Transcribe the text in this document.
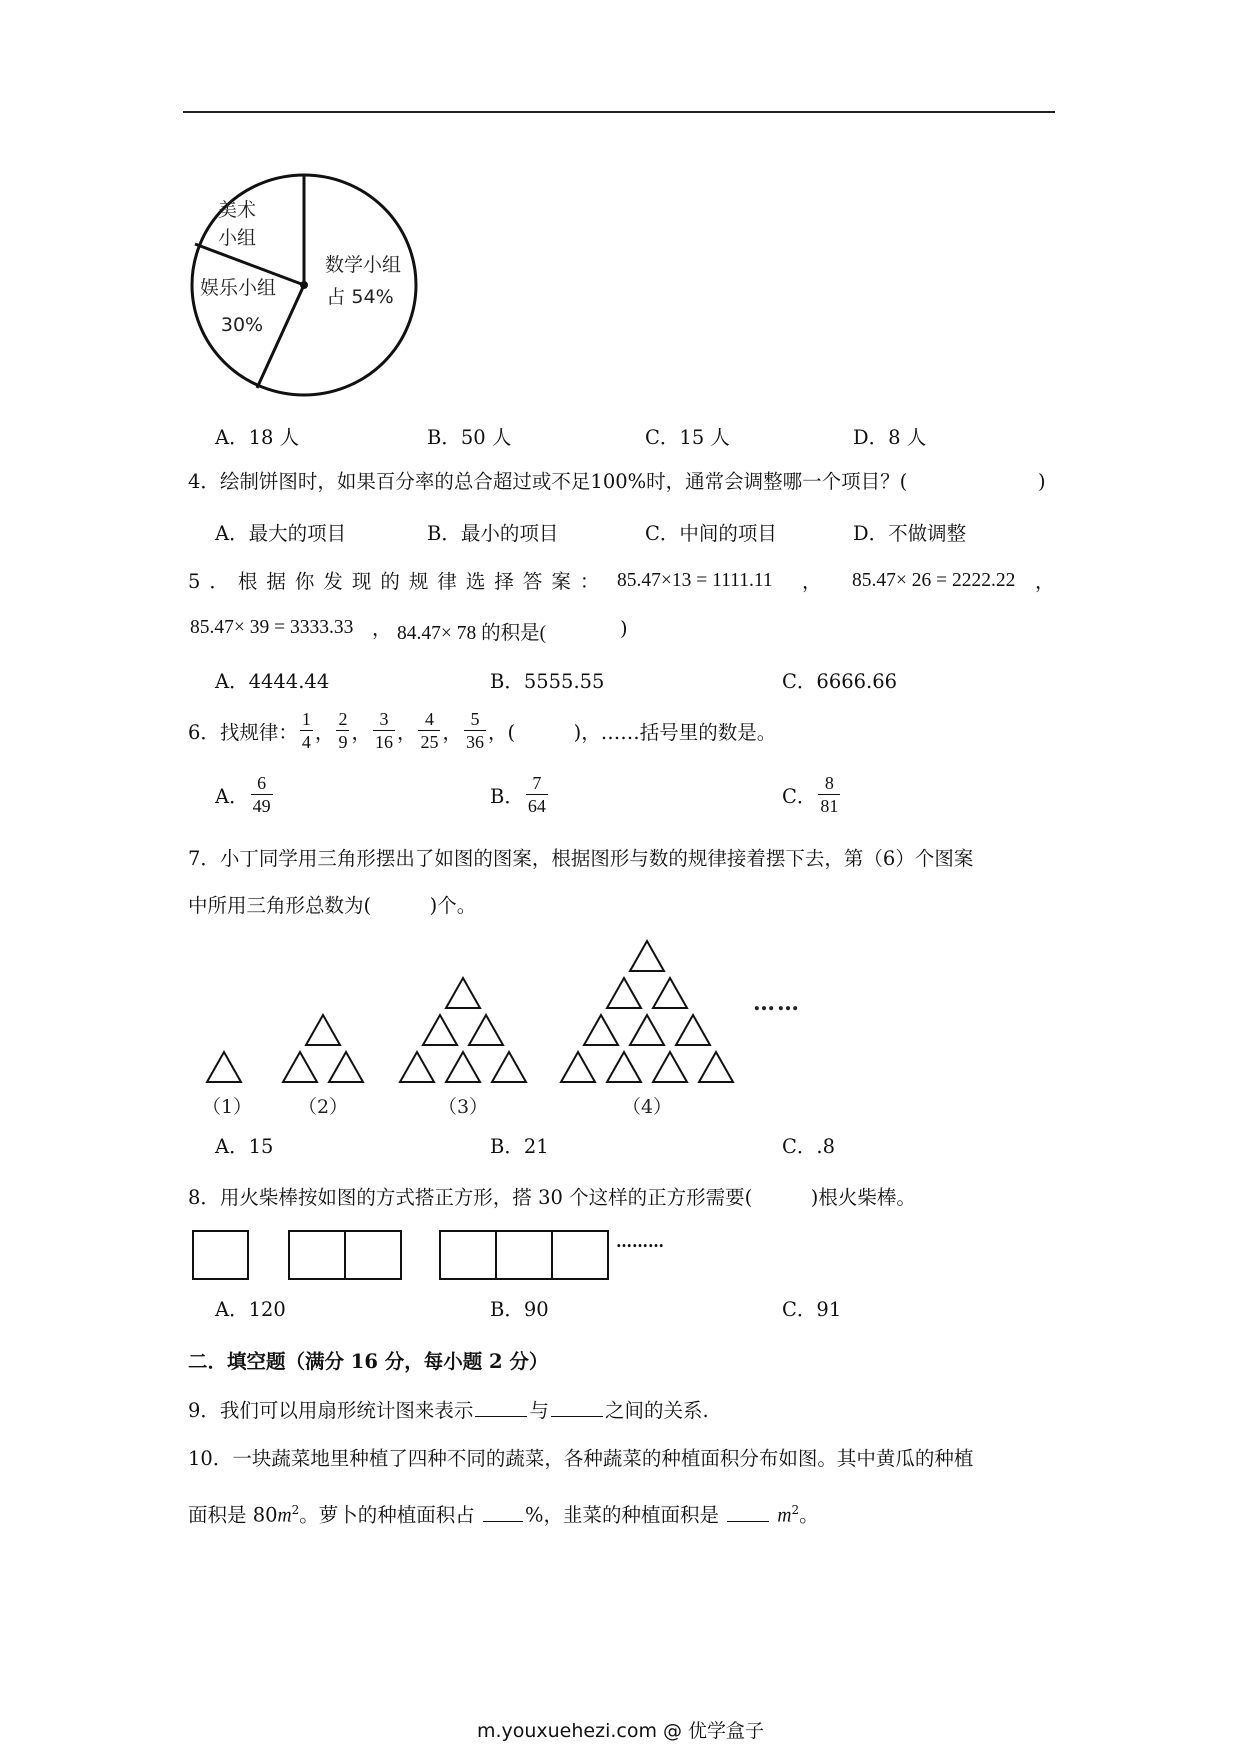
美术
小组
数学小组
占 54%
娱乐小组
30%
A．18 人	B．50 人	C．15 人	D．8 人
4．绘制饼图时，如果百分率的总合超过或不足100%时，通常会调整哪一个项目？(	)
A．最大的项目	B．最小的项目	C．中间的项目	D．不做调整
5．根据你发现的规律选择答案： 85.47×13 = 1111.11 ， 85.47× 26 = 2222.22 ，
85.47× 39 = 3333.33 ， 84.47× 78 的积是(	)
A．4444.44	B．5555.55	C．6666.66
6．找规律： $\frac{1}{4}$ ， $\frac{2}{9}$ ， $\frac{3}{16}$ ， $\frac{4}{25}$ ， $\frac{5}{36}$ ， (　　　) ，……括号里的数是。
A． $\frac{6}{49}$	B． $\frac{7}{64}$	C． $\frac{8}{81}$
7．小丁同学用三角形摆出了如图的图案，根据图形与数的规律接着摆下去，第（6）个图案
中所用三角形总数为(　　　)个。
（1） （2）	（3）	（4）
……
A．15	B．21	C．.8
8．用火柴棒按如图的方式搭正方形，搭 30 个这样的正方形需要(　　　)根火柴棒。
………
A．120	B．90	C．91
二．填空题（满分 16 分，每小题 2 分）
9．我们可以用扇形统计图来表示	与	之间的关系.
10．一块蔬菜地里种植了四种不同的蔬菜，各种蔬菜的种植面积分布如图。其中黄瓜的种植
面积是 $80m^2$。萝卜的种植面积占	%，韭菜的种植面积是	$m^2$。
m.youxuehezi.com @ 优学盒子
